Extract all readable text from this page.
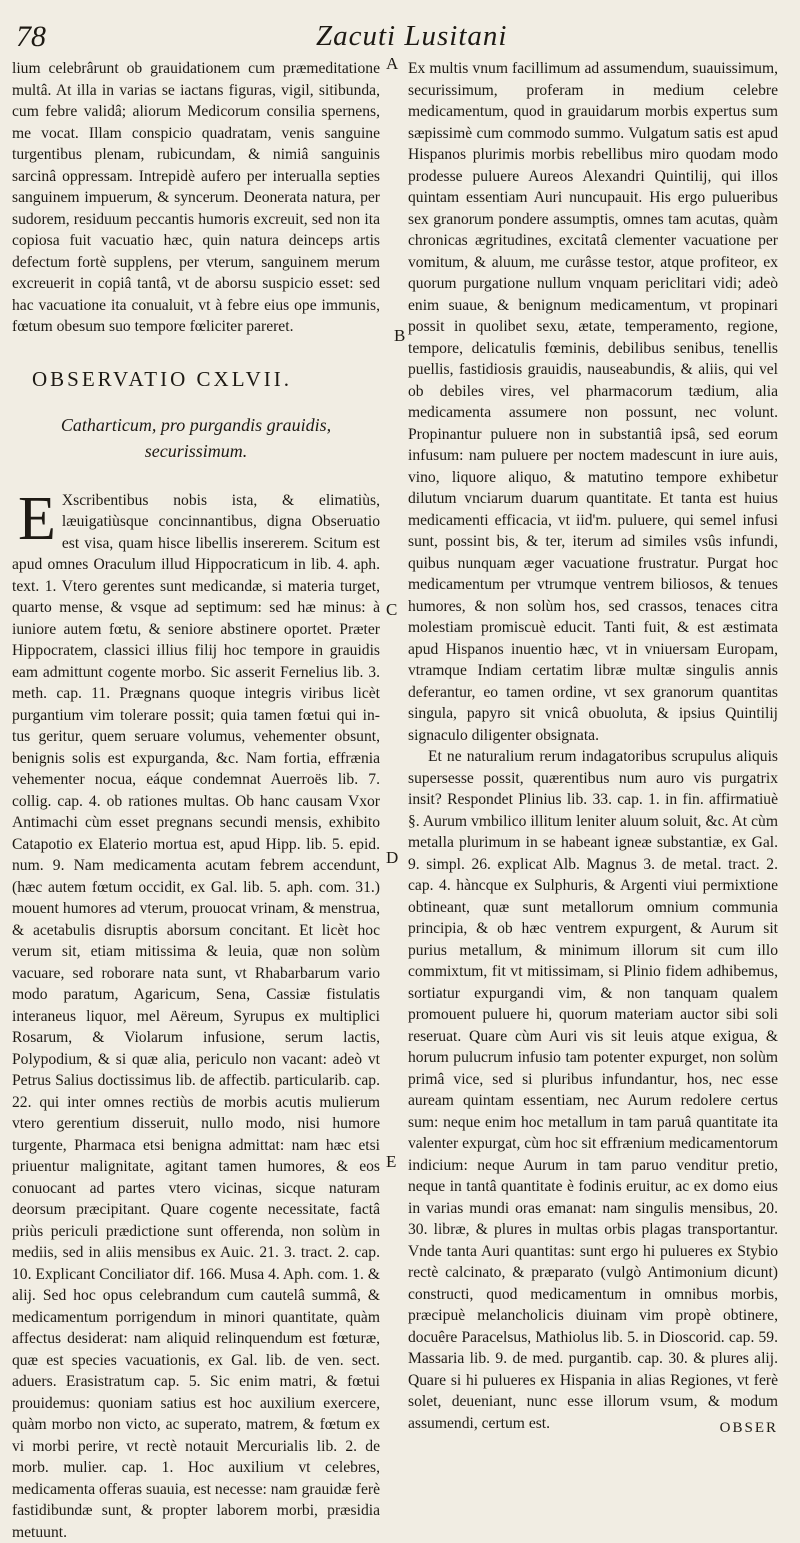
78	Zacuti Lusitani

lium celebrârunt ob grauidationem cum præmeditatione multâ. At illa in varias se iactans figuras, vigil, sitibunda, cum febre validâ; aliorum Medicorum consilia spernens, me vocat. Illam conspicio quadratam, venis sanguine turgentibus plenam, rubicundam, & nimiâ sanguinis sarcinâ oppressam. Intrepidè aufero per interualla septies sanguinem impuerum, & syncerum. Deonerata natura, per sudorem, residuum peccantis humoris excreuit, sed non ita copiosa fuit vacuatio hæc, quin natura deinceps artis defectum fortè supplens, per vterum, sanguinem merum excreuerit in copiâ tantâ, vt de aborsu suspicio esset: sed hac vacuatione ita conualuit, vt à febre eius ope immunis, fœtum obesum suo tempore fœliciter pareret.

OBSERVATIO CXLVII.

Catharticum, pro purgandis grauidis, securissimum.

E Xscribentibus nobis ista, & elimatiùs, læuigatiùsque concinnantibus, digna Obseruatio est visa, quam hisce libellis insererem. Scitum est apud omnes Oraculum illud Hippocraticum in lib. 4. aph. text. 1. Vtero gerentes sunt medicandæ, si materia turget, quarto mense, & vsque ad septimum: sed hæ minus: à iuniore autem fœtu, & seniore abstinere oportet. Præter Hippocratem, classici illius filij hoc tempore in grauidis eam admittunt cogente morbo. Sic asserit Fernelius lib. 3. meth. cap. 11. Prægnans quoque integris viribus licèt purgantium vim tolerare possit; quia tamen fœtui qui in-tus geritur, quem seruare volumus, vehementer obsunt, benignis solis est expurganda, &c. Nam fortia, effrænia vehementer nocua, eáque condemnat Auerroës lib. 7. collig. cap. 4. ob rationes multas. Ob hanc causam Vxor Antimachi cùm esset pregnans secundi mensis, exhibito Catapotio ex Elaterio mortua est, apud Hipp. lib. 5. epid. num. 9. Nam medicamenta acutam febrem accendunt, (hæc autem fœtum occidit, ex Gal. lib. 5. aph. com. 31.) mouent humores ad vterum, prouocat vrinam, & menstrua, & acetabulis disruptis aborsum concitant. Et licèt hoc verum sit, etiam mitissima & leuia, quæ non solùm vacuare, sed roborare nata sunt, vt Rhabarbarum vario modo paratum, Agaricum, Sena, Cassiæ fistulatis interaneus liquor, mel Aëreum, Syrupus ex multiplici Rosarum, & Violarum infusione, serum lactis, Polypodium, & si quæ alia, periculo non vacant: adeò vt Petrus Salius doctissimus lib. de affectib. particularib. cap. 22. qui inter omnes rectiùs de morbis acutis mulierum vtero gerentium disseruit, nullo modo, nisi humore turgente, Pharmaca etsi benigna admittat: nam hæc etsi priuentur malignitate, agitant tamen humores, & eos conuocant ad partes vtero vicinas, sicque naturam deorsum præcipitant. Quare cogente necessitate, factâ priùs periculi prædictione sunt offerenda, non solùm in mediis, sed in aliis mensibus ex Auic. 21. 3. tract. 2. cap. 10. Explicant Conciliator dif. 166. Musa 4. Aph. com. 1. & alij. Sed hoc opus celebrandum cum cautelâ summâ, & medicamentum porrigendum in minori quantitate, quàm affectus desiderat: nam aliquid relinquendum est fœturæ, quæ est species vacuationis, ex Gal. lib. de ven. sect. aduers. Erasistratum cap. 5. Sic enim matri, & fœtui prouidemus: quoniam satius est hoc auxilium exercere, quàm morbo non victo, ac superato, matrem, & fœtum ex vi morbi perire, vt rectè notauit Mercurialis lib. 2. de morb. mulier. cap. 1. Hoc auxilium vt celebres, medicamenta offeras suauia, est necesse: nam grauidæ ferè fastidibundæ sunt, & propter laborem morbi, præsidia metuunt.

A
B
C
D
E

Ex multis vnum facillimum ad assumendum, suauissimum, securissimum, proferam in medium celebre medicamentum, quod in grauidarum morbis expertus sum sæpissimè cum commodo summo. Vulgatum satis est apud Hispanos plurimis morbis rebellibus miro quodam modo prodesse puluere Aureos Alexandri Quintilij, qui illos quintam essentiam Auri nuncupauit. His ergo pulueribus sex granorum pondere assumptis, omnes tam acutas, quàm chronicas ægritudines, excitatâ clementer vacuatione per vomitum, & aluum, me curâsse testor, atque profiteor, ex quorum purgatione nullum vnquam periclitari vidi; adeò enim suaue, & benignum medicamentum, vt propinari possit in quolibet sexu, ætate, temperamento, regione, tempore, delicatulis fœminis, debilibus senibus, tenellis puellis, fastidiosis grauidis, nauseabundis, & aliis, qui vel ob debiles vires, vel pharmacorum tædium, alia medicamenta assumere non possunt, nec volunt. Propinantur puluere non in substantiâ ipsâ, sed eorum infusum: nam puluere per noctem madescunt in iure auis, vino, liquore aliquo, & matutino tempore exhibetur dilutum vnciarum duarum quantitate. Et tanta est huius medicamenti efficacia, vt iid'm. puluere, qui semel infusi sunt, possint bis, & ter, iterum ad similes vsûs infundi, quibus nunquam æger vacuatione frustratur. Purgat hoc medicamentum per vtrumque ventrem biliosos, & tenues humores, & non solùm hos, sed crassos, tenaces citra molestiam promiscuè educit. Tanti fuit, & est æstimata apud Hispanos inuentio hæc, vt in vniuersam Europam, vtramque Indiam certatim libræ multæ singulis annis deferantur, eo tamen ordine, vt sex granorum quantitas singula, papyro sit vnicâ obuoluta, & ipsius Quintilij signaculo diligenter obsignata.

Et ne naturalium rerum indagatoribus scrupulus aliquis supersesse possit, quærentibus num auro vis purgatrix insit? Respondet Plinius lib. 33. cap. 1. in fin. affirmatiuè §. Aurum vmbilico illitum leniter aluum soluit, &c. At cùm metalla plurimum in se habeant igneæ substantiæ, ex Gal. 9. simpl. 26. explicat Alb. Magnus 3. de metal. tract. 2. cap. 4. hàncque ex Sulphuris, & Argenti viui permixtione obtineant, quæ sunt metallorum omnium communia principia, & ob hæc ventrem expurgent, & Aurum sit purius metallum, & minimum illorum sit cum illo commixtum, fit vt mitissimam, si Plinio fidem adhibemus, sortiatur expurgandi vim, & non tanquam qualem promouent puluere hi, quorum materiam auctor sibi soli reseruat. Quare cùm Auri vis sit leuis atque exigua, & horum pulucrum infusio tam potenter expurget, non solùm primâ vice, sed si pluribus infundantur, hos, nec esse auream quintam essentiam, nec Aurum redolere certus sum: neque enim hoc metallum in tam paruâ quantitate ita valenter expurgat, cùm hoc sit effrænium medicamentorum indicium: neque Aurum in tam paruo venditur pretio, neque in tantâ quantitate è fodinis eruitur, ac ex domo eius in varias mundi oras emanat: nam singulis mensibus, 20. 30. libræ, & plures in multas orbis plagas transportantur. Vnde tanta Auri quantitas: sunt ergo hi pulueres ex Stybio rectè calcinato, & præparato (vulgò Antimonium dicunt) constructi, quod medicamentum in omnibus morbis, præcipuè melancholicis diuinam vim propè obtinere, docuêre Paracelsus, Mathiolus lib. 5. in Dioscorid. cap. 59. Massaria lib. 9. de med. purgantib. cap. 30. & plures alij. Quare si hi pulueres ex Hispania in alias Regiones, vt ferè solet, deueniant, nunc esse illorum vsum, & modum assumendi, certum est.	OBSER
